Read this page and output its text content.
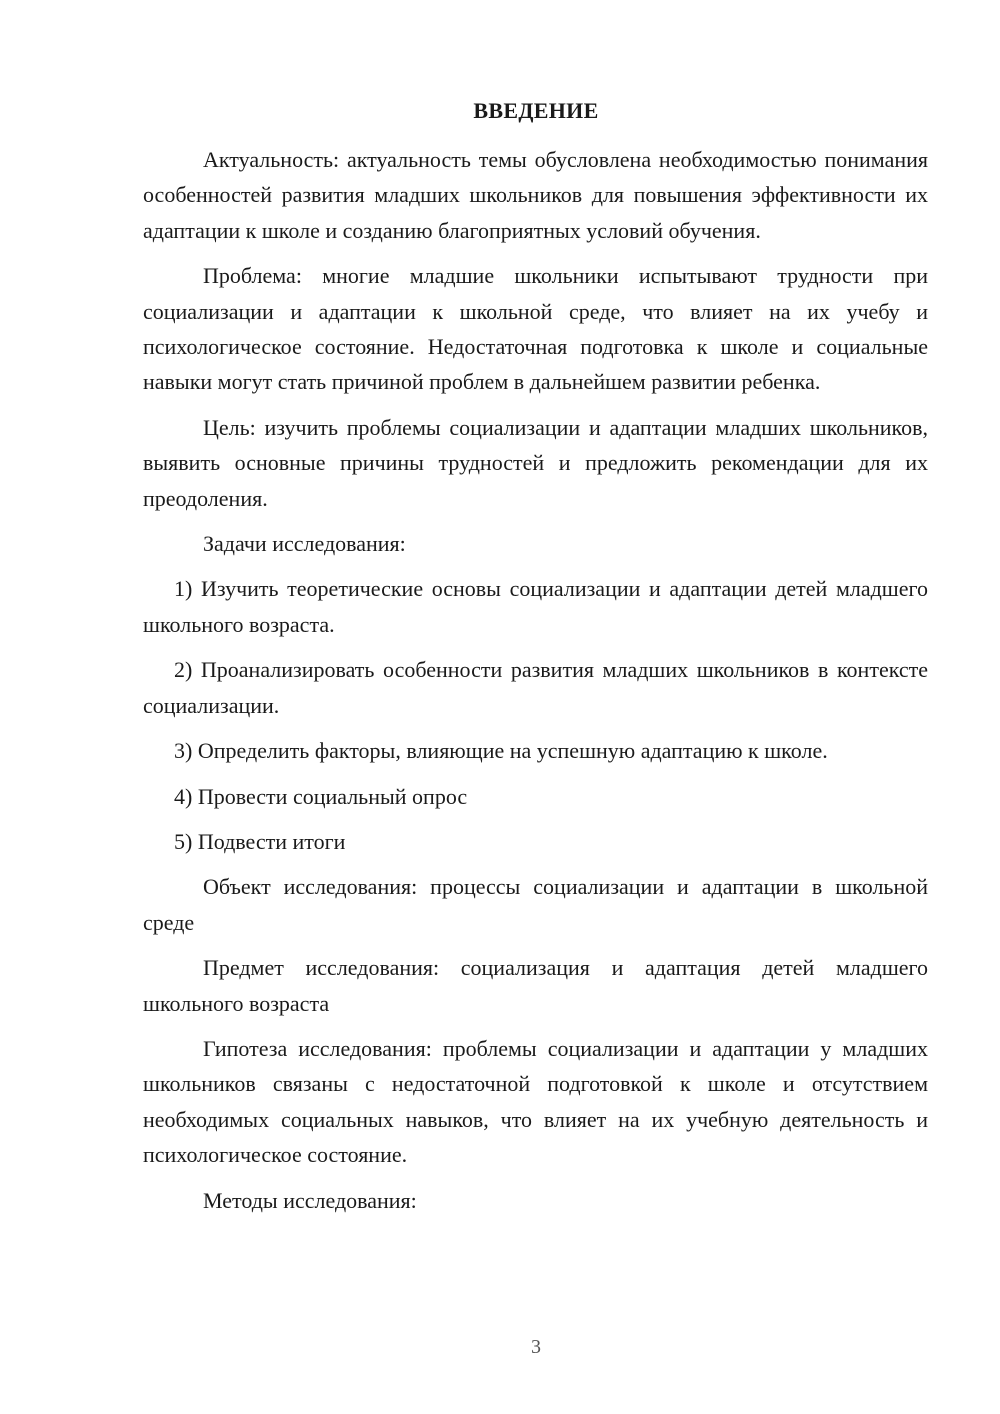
ВВЕДЕНИЕ

Актуальность: актуальность темы обусловлена необходимостью понимания особенностей развития младших школьников для повышения эффективности их адаптации к школе и созданию благоприятных условий обучения.

Проблема: многие младшие школьники испытывают трудности при социализации и адаптации к школьной среде, что влияет на их учебу и психологическое состояние. Недостаточная подготовка к школе и социальные навыки могут стать причиной проблем в дальнейшем развитии ребенка.

Цель: изучить проблемы социализации и адаптации младших школьников, выявить основные причины трудностей и предложить рекомендации для их преодоления.

Задачи исследования:

1) Изучить теоретические основы социализации и адаптации детей младшего школьного возраста.

2) Проанализировать особенности развития младших школьников в контексте социализации.

3) Определить факторы, влияющие на успешную адаптацию к школе.

4) Провести социальный опрос

5) Подвести итоги

Объект исследования: процессы социализации и адаптации в школьной среде

Предмет исследования: социализация и адаптация детей младшего школьного возраста

Гипотеза исследования: проблемы социализации и адаптации у младших школьников связаны с недостаточной подготовкой к школе и отсутствием необходимых социальных навыков, что влияет на их учебную деятельность и психологическое состояние.

Методы исследования:

3
